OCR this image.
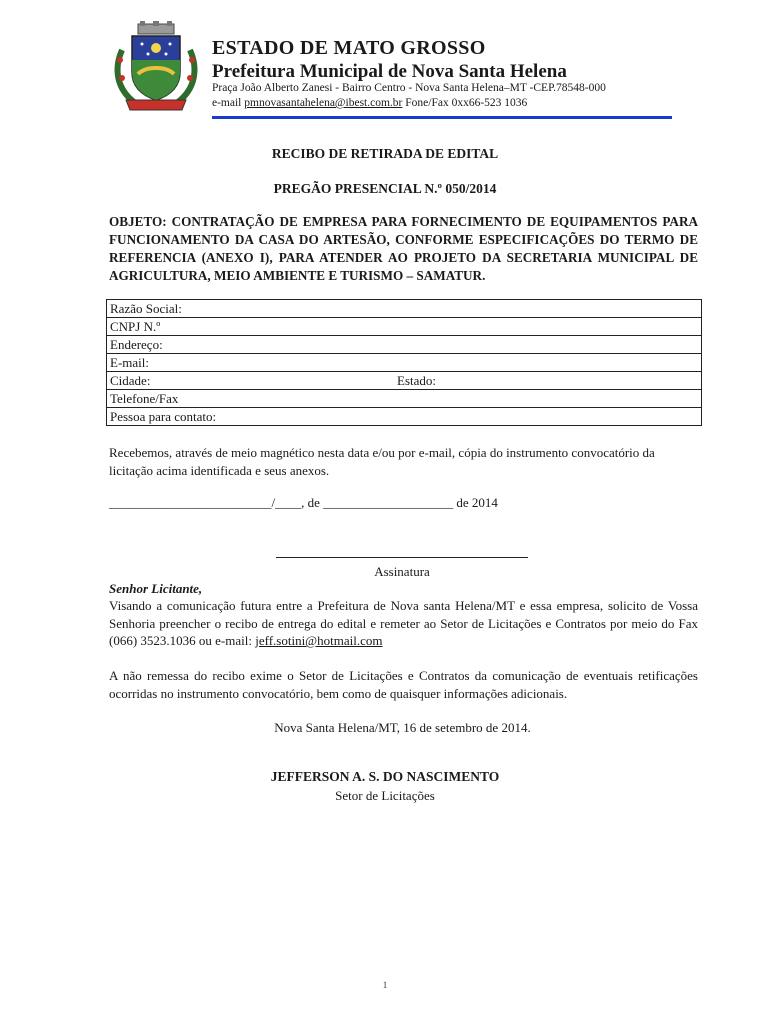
ESTADO DE MATO GROSSO
Prefeitura Municipal de Nova Santa Helena
Praça João Alberto Zanesi - Bairro Centro - Nova Santa Helena–MT -CEP.78548-000
e-mail pmnovasantahelena@ibest.com.br Fone/Fax 0xx66-523 1036
RECIBO DE RETIRADA DE EDITAL
PREGÃO PRESENCIAL N.º 050/2014
OBJETO: CONTRATAÇÃO DE EMPRESA PARA FORNECIMENTO DE EQUIPAMENTOS PARA FUNCIONAMENTO DA CASA DO ARTESÃO, CONFORME ESPECIFICAÇÕES DO TERMO DE REFERENCIA (ANEXO I), PARA ATENDER AO PROJETO DA SECRETARIA MUNICIPAL DE AGRICULTURA, MEIO AMBIENTE E TURISMO – SAMATUR.
Razão Social:
CNPJ N.º
Endereço:
E-mail:
Cidade:	Estado:
Telefone/Fax
Pessoa para contato:
Recebemos, através de meio magnético nesta data e/ou por e-mail, cópia do instrumento convocatório da licitação acima identificada e seus anexos.
_________________________/____, de ____________________ de 2014
Assinatura
Senhor Licitante,
Visando a comunicação futura entre a Prefeitura de Nova santa Helena/MT e essa empresa, solicito de Vossa Senhoria preencher o recibo de entrega do edital e remeter ao Setor de Licitações e Contratos por meio do Fax (066) 3523.1036 ou e-mail: jeff.sotini@hotmail.com
A não remessa do recibo exime o Setor de Licitações e Contratos da comunicação de eventuais retificações ocorridas no instrumento convocatório, bem como de quaisquer informações adicionais.
Nova Santa Helena/MT, 16 de setembro de 2014.
JEFFERSON A. S. DO NASCIMENTO
Setor de Licitações
1
